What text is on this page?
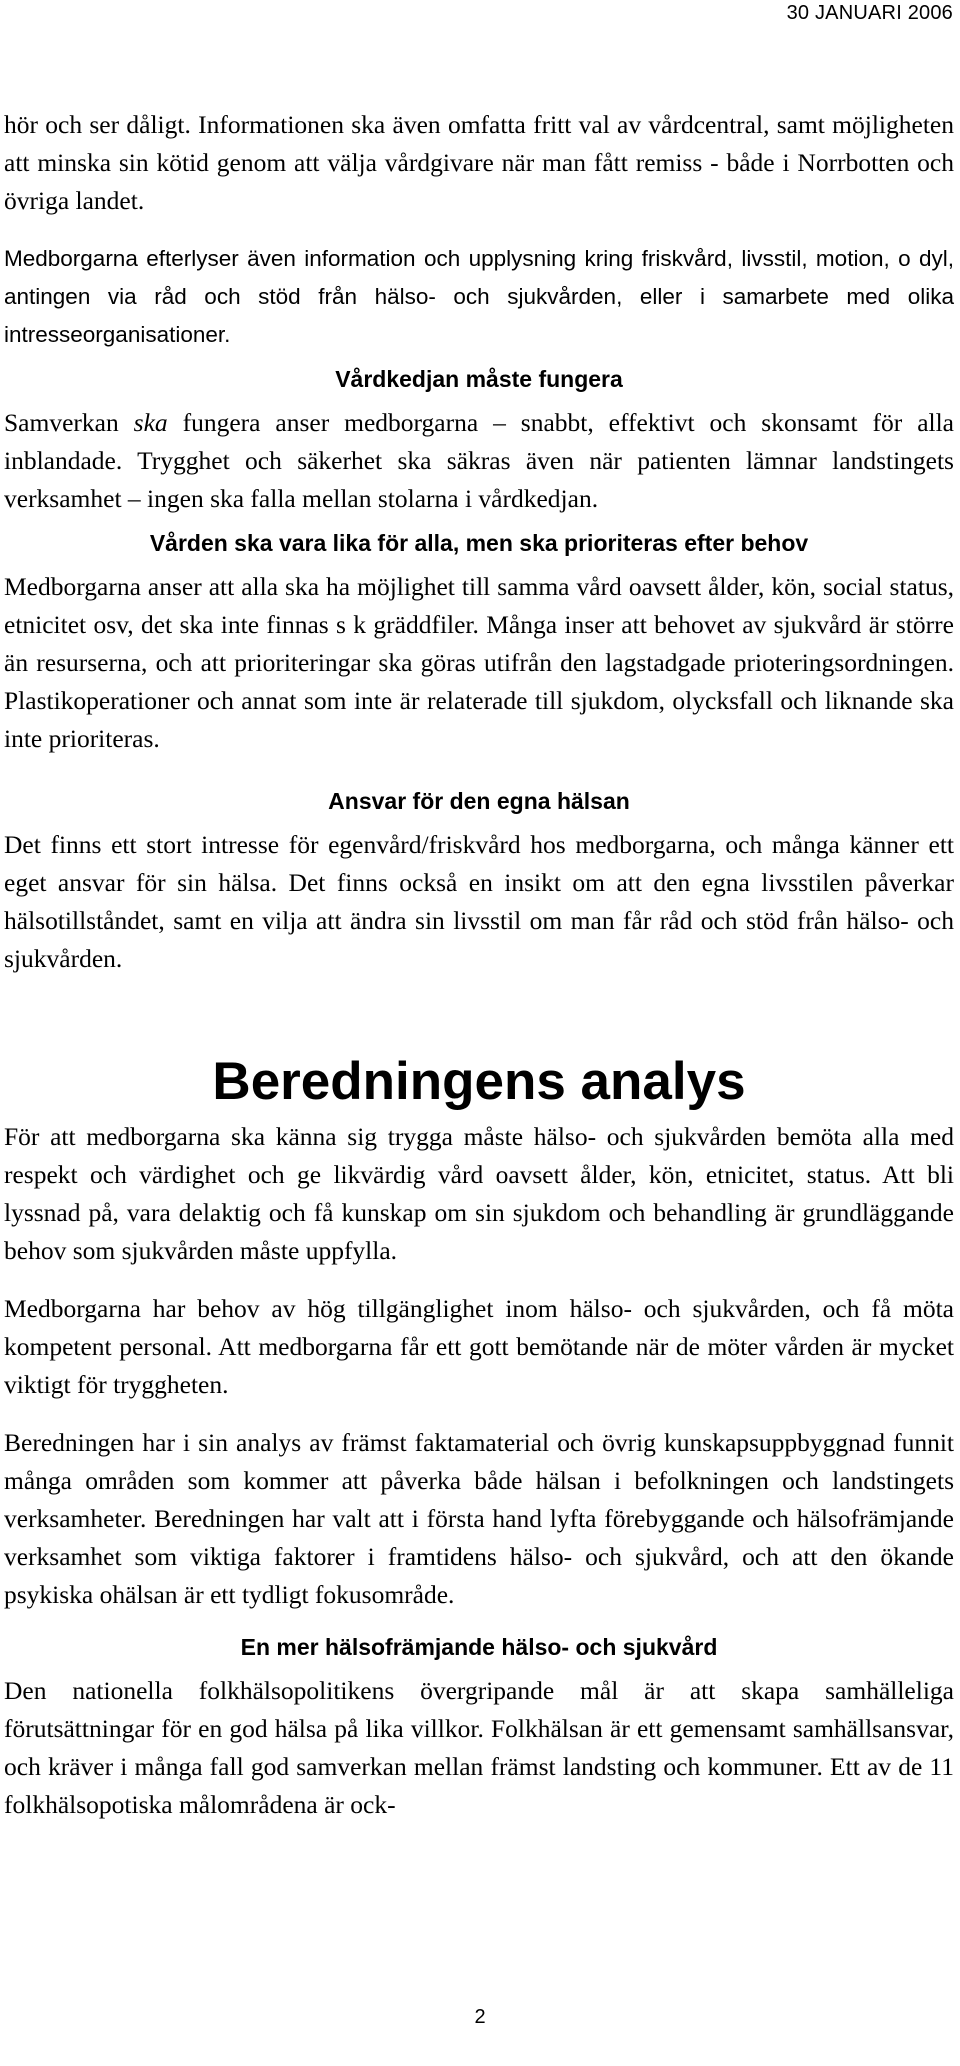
30 JANUARI 2006

hör och ser dåligt. Informationen ska även omfatta fritt val av vårdcentral, samt möjligheten att minska sin kötid genom att välja vårdgivare när man fått remiss - både i Norrbotten och övriga landet.

Medborgarna efterlyser även information och upplysning kring friskvård, livsstil, motion, o dyl, antingen via råd och stöd från hälso- och sjukvården, eller i samarbete med olika intresseorganisationer.

Vårdkedjan måste fungera

Samverkan ska fungera anser medborgarna – snabbt, effektivt och skonsamt för alla inblandade. Trygghet och säkerhet ska säkras även när patienten lämnar landstingets verksamhet – ingen ska falla mellan stolarna i vårdkedjan.

Vården ska vara lika för alla, men ska prioriteras efter behov

Medborgarna anser att alla ska ha möjlighet till samma vård oavsett ålder, kön, social status, etnicitet osv, det ska inte finnas s k gräddfiler. Många inser att behovet av sjukvård är större än resurserna, och att prioriteringar ska göras utifrån den lagstadgade prioteringsordningen. Plastikoperationer och annat som inte är relaterade till sjukdom, olycksfall och liknande ska inte prioriteras.

Ansvar för den egna hälsan

Det finns ett stort intresse för egenvård/friskvård hos medborgarna, och många känner ett eget ansvar för sin hälsa. Det finns också en insikt om att den egna livsstilen påverkar hälsotillståndet, samt en vilja att ändra sin livsstil om man får råd och stöd från hälso- och sjukvården.

Beredningens analys

För att medborgarna ska känna sig trygga måste hälso- och sjukvården bemöta alla med respekt och värdighet och ge likvärdig vård oavsett ålder, kön, etnicitet, status. Att bli lyssnad på, vara delaktig och få kunskap om sin sjukdom och behandling är grundläggande behov som sjukvården måste uppfylla.

Medborgarna har behov av hög tillgänglighet inom hälso- och sjukvården, och få möta kompetent personal. Att medborgarna får ett gott bemötande när de möter vården är mycket viktigt för tryggheten.

Beredningen har i sin analys av främst faktamaterial och övrig kunskapsuppbyggnad funnit många områden som kommer att påverka både hälsan i befolkningen och landstingets verksamheter. Beredningen har valt att i första hand lyfta förebyggande och hälsofrämjande verksamhet som viktiga faktorer i framtidens hälso- och sjukvård, och att den ökande psykiska ohälsan är ett tydligt fokusområde.

En mer hälsofrämjande hälso- och sjukvård

Den nationella folkhälsopolitikens övergripande mål är att skapa samhälleliga förutsättningar för en god hälsa på lika villkor. Folkhälsan är ett gemensamt samhällsansvar, och kräver i många fall god samverkan mellan främst landsting och kommuner. Ett av de 11 folkhälsopotiska målområdena är ock-

2
